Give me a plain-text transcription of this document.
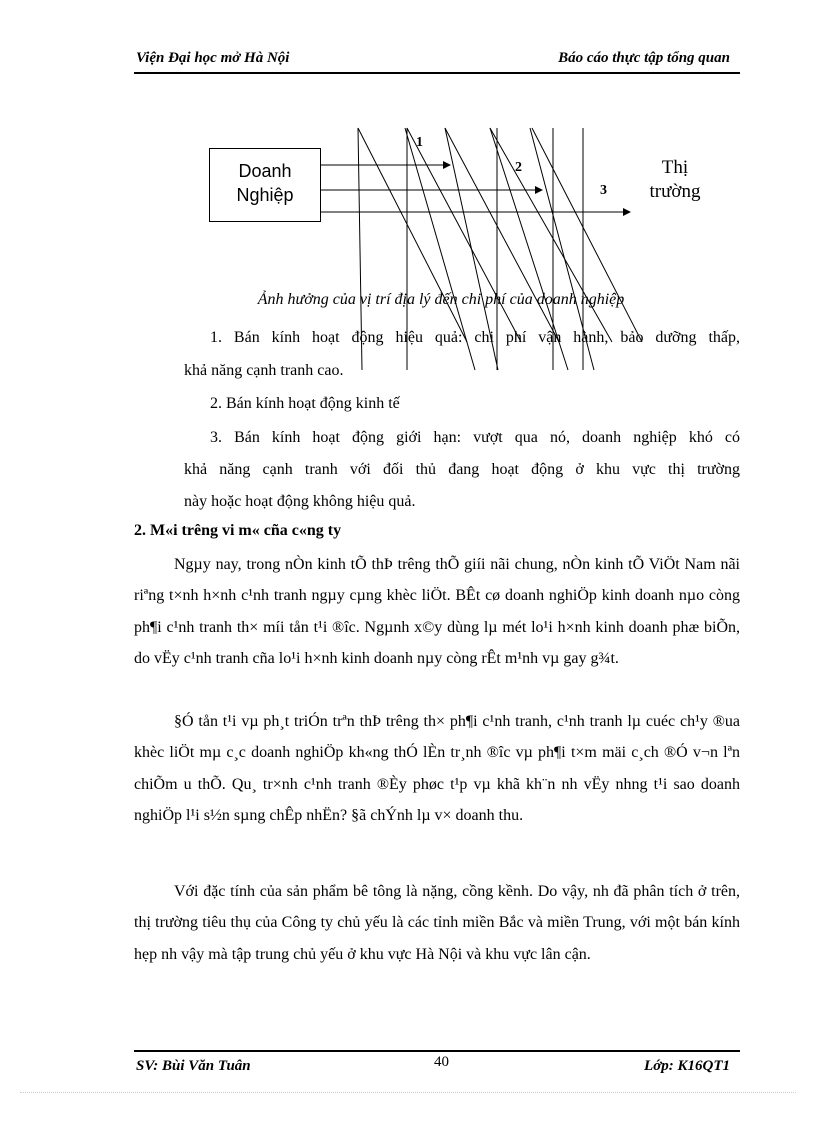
Viện Đại học mở Hà Nội	Báo cáo thực tập tổng quan
Doanh
Nghiệp
Thị
trường
1
2
3
Ảnh hưởng của vị trí địa lý đến chi phí của doanh nghiệp
1. Bán kính hoạt động hiệu quả: chi phí vận hành, bảo dưỡng thấp,
khả năng cạnh tranh cao.
2. Bán kính hoạt động kinh tế
3. Bán kính hoạt động giới hạn: vượt qua nó, doanh nghiệp khó có
khả năng cạnh tranh với đối thủ đang hoạt động ở khu vực thị trường
này hoặc hoạt động không hiệu quả.
2. M«i trêng vi m« cña c«ng ty
Ngµy nay, trong nÒn kinh tÕ thÞ trêng thÕ giíi nãi chung, nÒn kinh tÕ ViÖt Nam nãi riªng t×nh h×nh c¹nh tranh ngµy cµng khèc liÖt. BÊt cø doanh nghiÖp kinh doanh nµo còng ph¶i c¹nh tranh th× míi tån t¹i ®îc. Ngµnh x©y dùng lµ mét lo¹i h×nh kinh doanh phæ biÕn, do vËy c¹nh tranh cña lo¹i h×nh kinh doanh nµy còng rÊt m¹nh vµ gay g¾t.
§Ó tån t¹i vµ ph¸t triÓn trªn thÞ trêng th× ph¶i c¹nh tranh, c¹nh tranh lµ cuéc ch¹y ®ua khèc liÖt mµ c¸c doanh nghiÖp kh«ng thÓ lÈn tr¸nh ®îc vµ ph¶i t×m mäi c¸ch ®Ó v¬n lªn chiÕm u thÕ. Qu¸ tr×nh c¹nh tranh ®Èy phøc t¹p vµ khã kh¨n nh vËy nhng t¹i sao doanh nghiÖp l¹i s½n sµng chÊp nhËn? §ã chÝnh lµ v× doanh thu.
Với đặc tính của sản phẩm bê tông là nặng, cồng kềnh. Do vậy, nh đã phân tích ở trên, thị trường tiêu thụ của Công ty chủ yếu là các tỉnh miền Bắc và miền Trung, với một bán kính hẹp nh vậy mà tập trung chủ yếu ở khu vực Hà Nội và khu vực lân cận.
SV: Bùi Văn Tuân	40	Lớp: K16QT1
